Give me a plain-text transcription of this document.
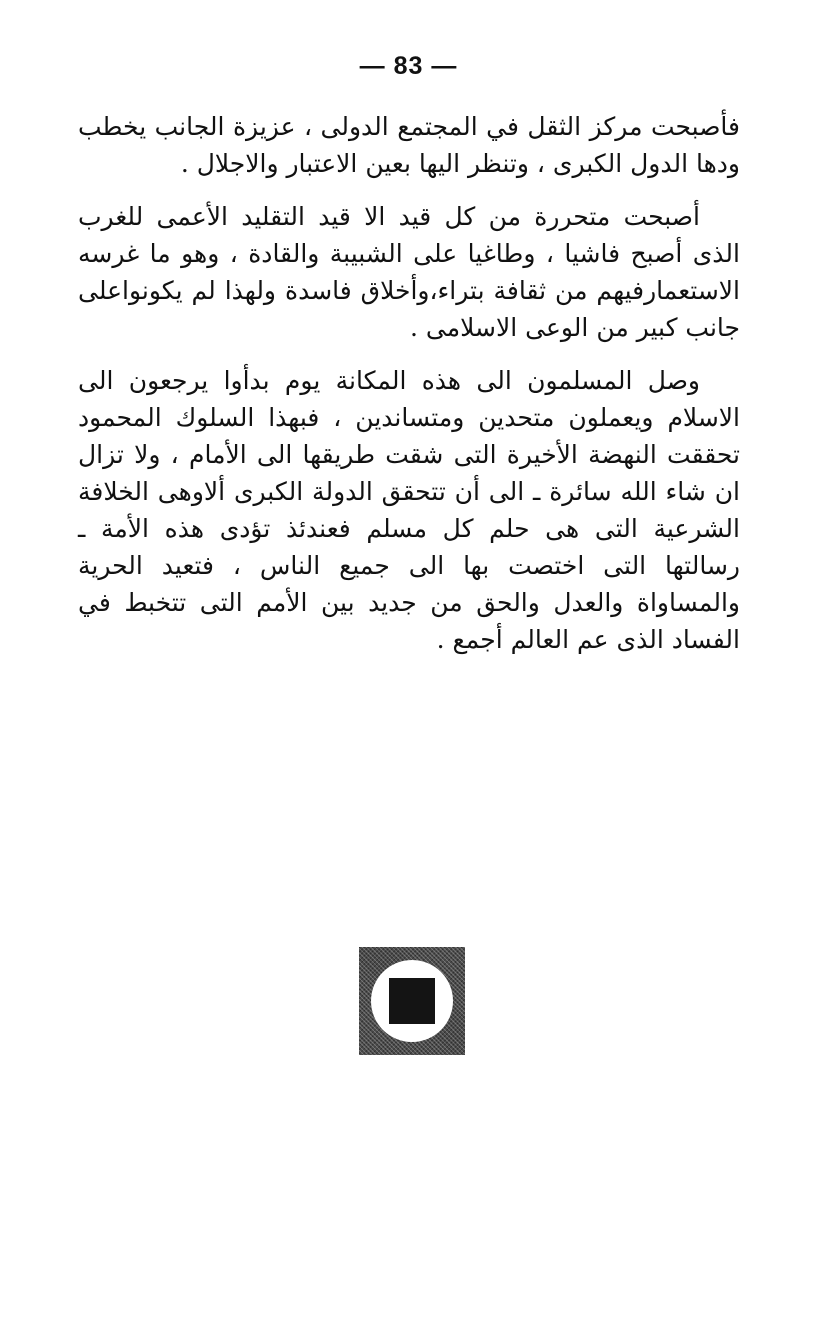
— 83 —

فأصبحت مركز الثقل في المجتمع الدولى ، عزيزة الجانب يخطب ودها الدول الكبرى ، وتنظر اليها بعين الاعتبار والاجلال .

أصبحت متحررة من كل قيد الا قيد التقليد الأعمى للغرب الذى أصبح فاشيا ، وطاغيا على الشبيبة والقادة ، وهو ما غرسه الاستعمارفيهم من ثقافة بتراء،وأخلاق فاسدة ولهذا لم يكونواعلى جانب كبير من الوعى الاسلامى .

وصل المسلمون الى هذه المكانة يوم بدأوا يرجعون الى الاسلام ويعملون متحدين ومتساندين ، فبهذا السلوك المحمود تحققت النهضة الأخيرة التى شقت طريقها الى الأمام ، ولا تزال ان شاء الله سائرة ـ الى أن تتحقق الدولة الكبرى ألاوهى الخلافة الشرعية التى هى حلم كل مسلم فعندئذ تؤدى هذه الأمة ـ رسالتها التى اختصت بها الى جميع الناس ، فتعيد الحرية والمساواة والعدل والحق من جديد بين الأمم التى تتخبط في الفساد الذى عم العالم أجمع .
